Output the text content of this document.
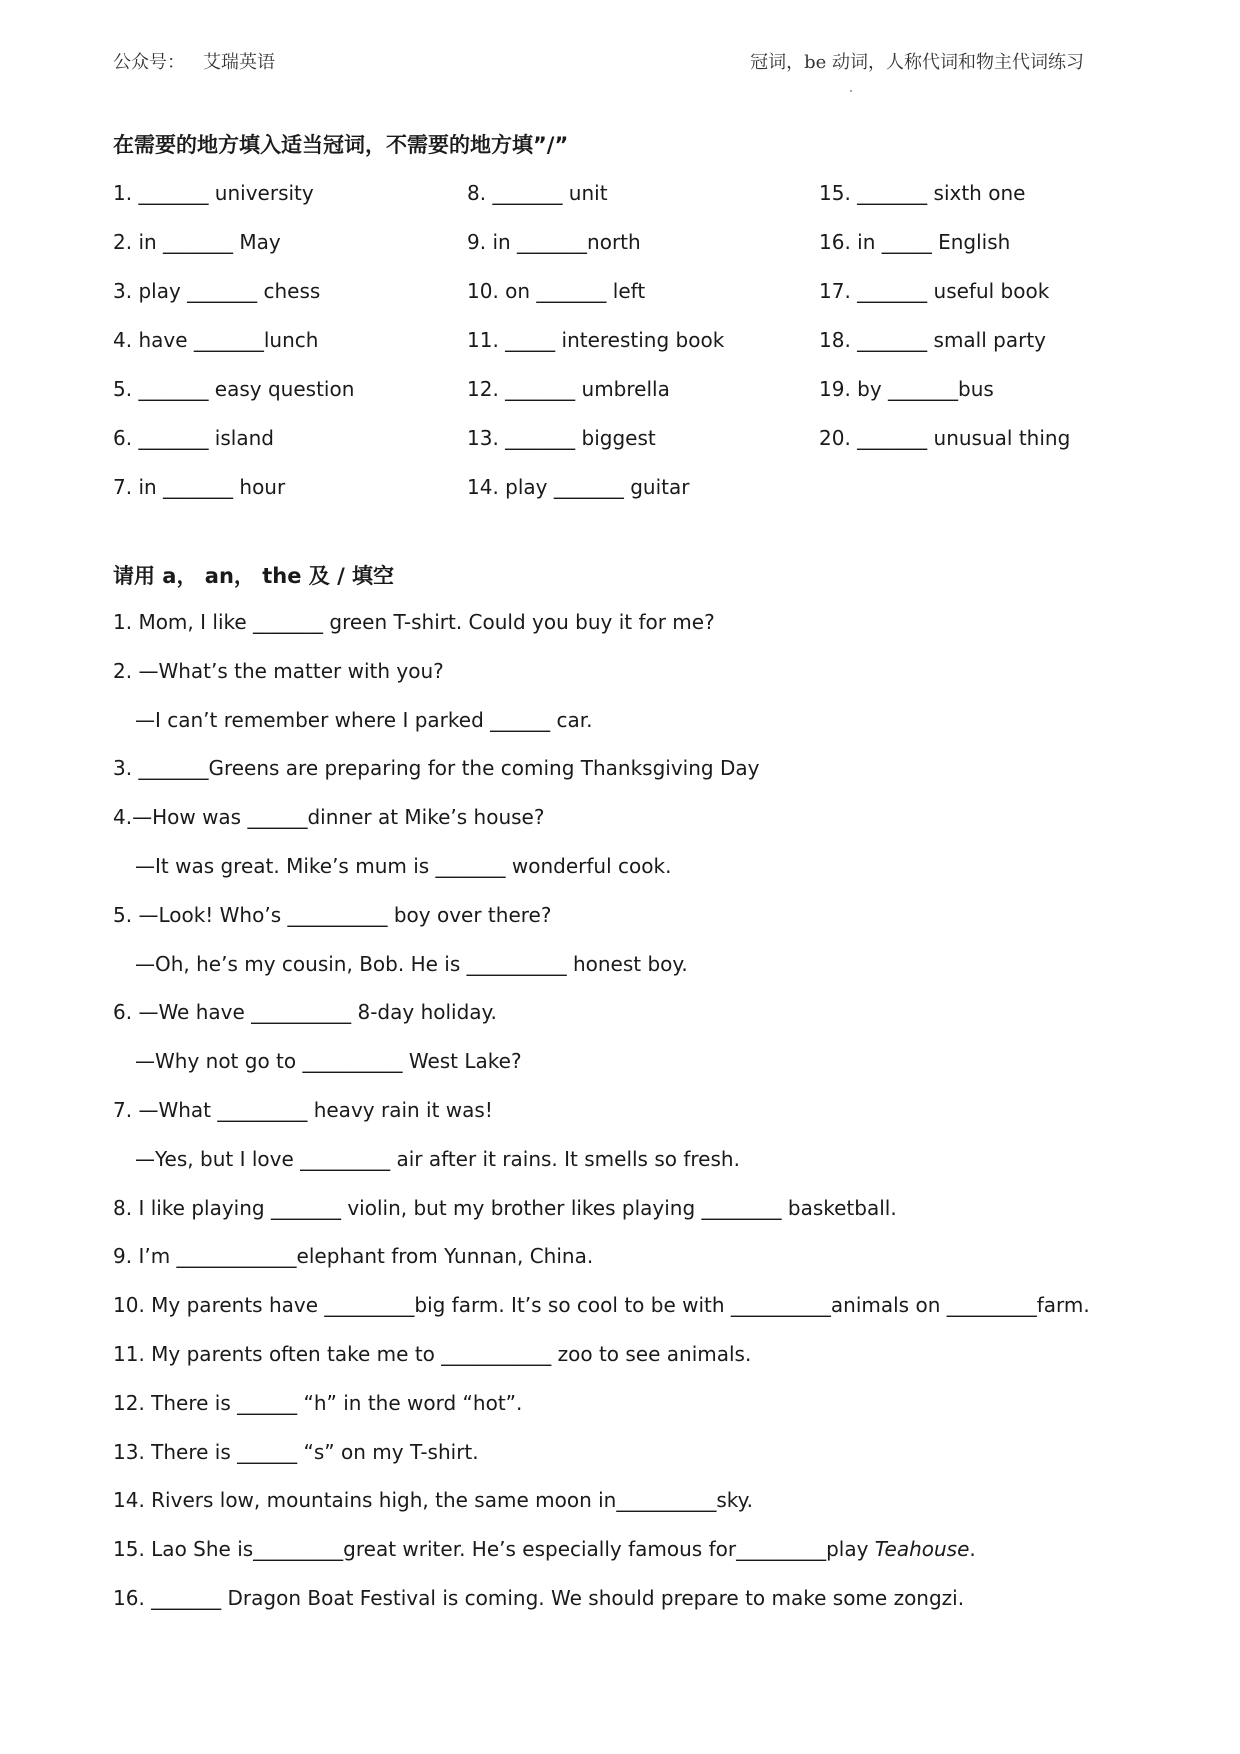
公众号： 艾瑞英语	冠词，be 动词，人称代词和物主代词练习
在需要的地方填入适当冠词，不需要的地方填”/”
1. _______ university
2. in _______ May
3. play _______ chess
4. have _______lunch
5. _______ easy question
6. _______ island
7. in _______ hour
8. _______ unit
9. in _______north
10. on _______ left
11. _____ interesting book
12. _______ umbrella
13. _______ biggest
14. play _______ guitar
15. _______ sixth one
16. in _____ English
17. _______ useful book
18. _______ small party
19. by _______bus
20. _______ unusual thing
请用 a， an， the 及 / 填空
1. Mom, I like _______ green T-shirt. Could you buy it for me?
2. —What’s the matter with you?
—I can’t remember where I parked ______ car.
3. _______Greens are preparing for the coming Thanksgiving Day
4.—How was ______dinner at Mike’s house?
—It was great. Mike’s mum is _______ wonderful cook.
5. —Look! Who’s __________ boy over there?
—Oh, he’s my cousin, Bob. He is __________ honest boy.
6. —We have __________ 8-day holiday.
—Why not go to __________ West Lake?
7. —What _________ heavy rain it was!
—Yes, but I love _________ air after it rains. It smells so fresh.
8. I like playing _______ violin, but my brother likes playing ________ basketball.
9. I’m ____________elephant from Yunnan, China.
10. My parents have _________big farm. It’s so cool to be with __________animals on _________farm.
11. My parents often take me to ___________ zoo to see animals.
12. There is ______ “h” in the word “hot”.
13. There is ______ “s” on my T-shirt.
14. Rivers low, mountains high, the same moon in__________sky.
15. Lao She is_________great writer. He’s especially famous for_________play Teahouse.
16. _______ Dragon Boat Festival is coming. We should prepare to make some zongzi.
